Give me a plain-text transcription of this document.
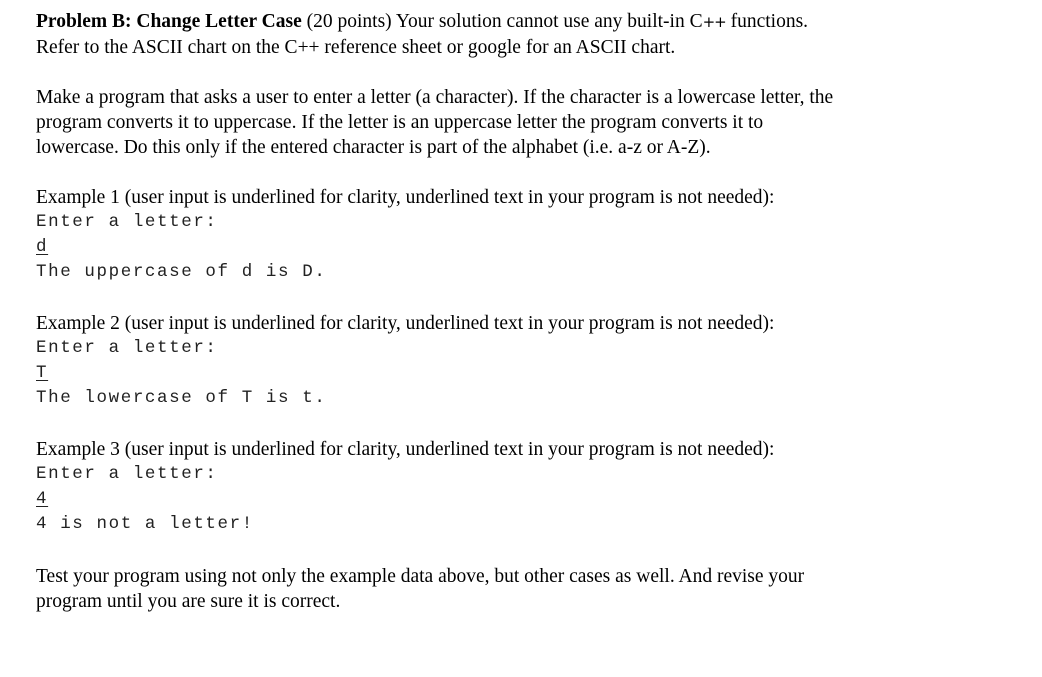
Problem B: Change Letter Case (20 points) Your solution cannot use any built-in C++ functions.
Refer to the ASCII chart on the C++ reference sheet or google for an ASCII chart.
Make a program that asks a user to enter a letter (a character). If the character is a lowercase letter, the
program converts it to uppercase. If the letter is an uppercase letter the program converts it to
lowercase. Do this only if the entered character is part of the alphabet (i.e. a-z or A-Z).
Example 1 (user input is underlined for clarity, underlined text in your program is not needed):
Enter a letter:
d
The uppercase of d is D.
Example 2 (user input is underlined for clarity, underlined text in your program is not needed):
Enter a letter:
T
The lowercase of T is t.
Example 3 (user input is underlined for clarity, underlined text in your program is not needed):
Enter a letter:
4
4 is not a letter!
Test your program using not only the example data above, but other cases as well. And revise your
program until you are sure it is correct.
